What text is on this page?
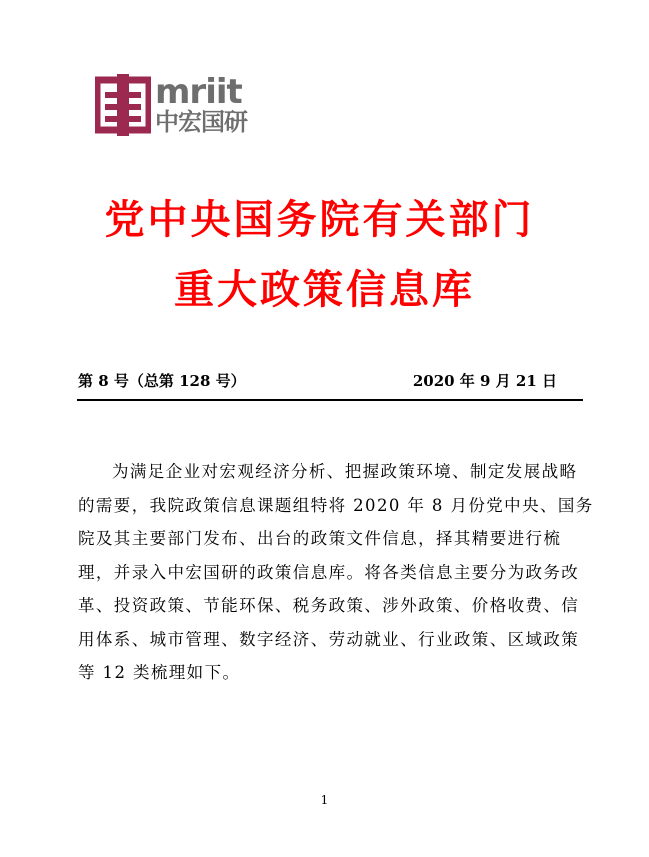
mriit
中宏国研
党中央国务院有关部门
重大政策信息库
第 8 号（总第 128 号）	2020 年 9 月 21 日
为满足企业对宏观经济分析、把握政策环境、制定发展战略
的需要，我院政策信息课题组特将 2020 年 8 月份党中央、国务
院及其主要部门发布、出台的政策文件信息，择其精要进行梳
理，并录入中宏国研的政策信息库。将各类信息主要分为政务改
革、投资政策、节能环保、税务政策、涉外政策、价格收费、信
用体系、城市管理、数字经济、劳动就业、行业政策、区域政策
等 12 类梳理如下。
1
